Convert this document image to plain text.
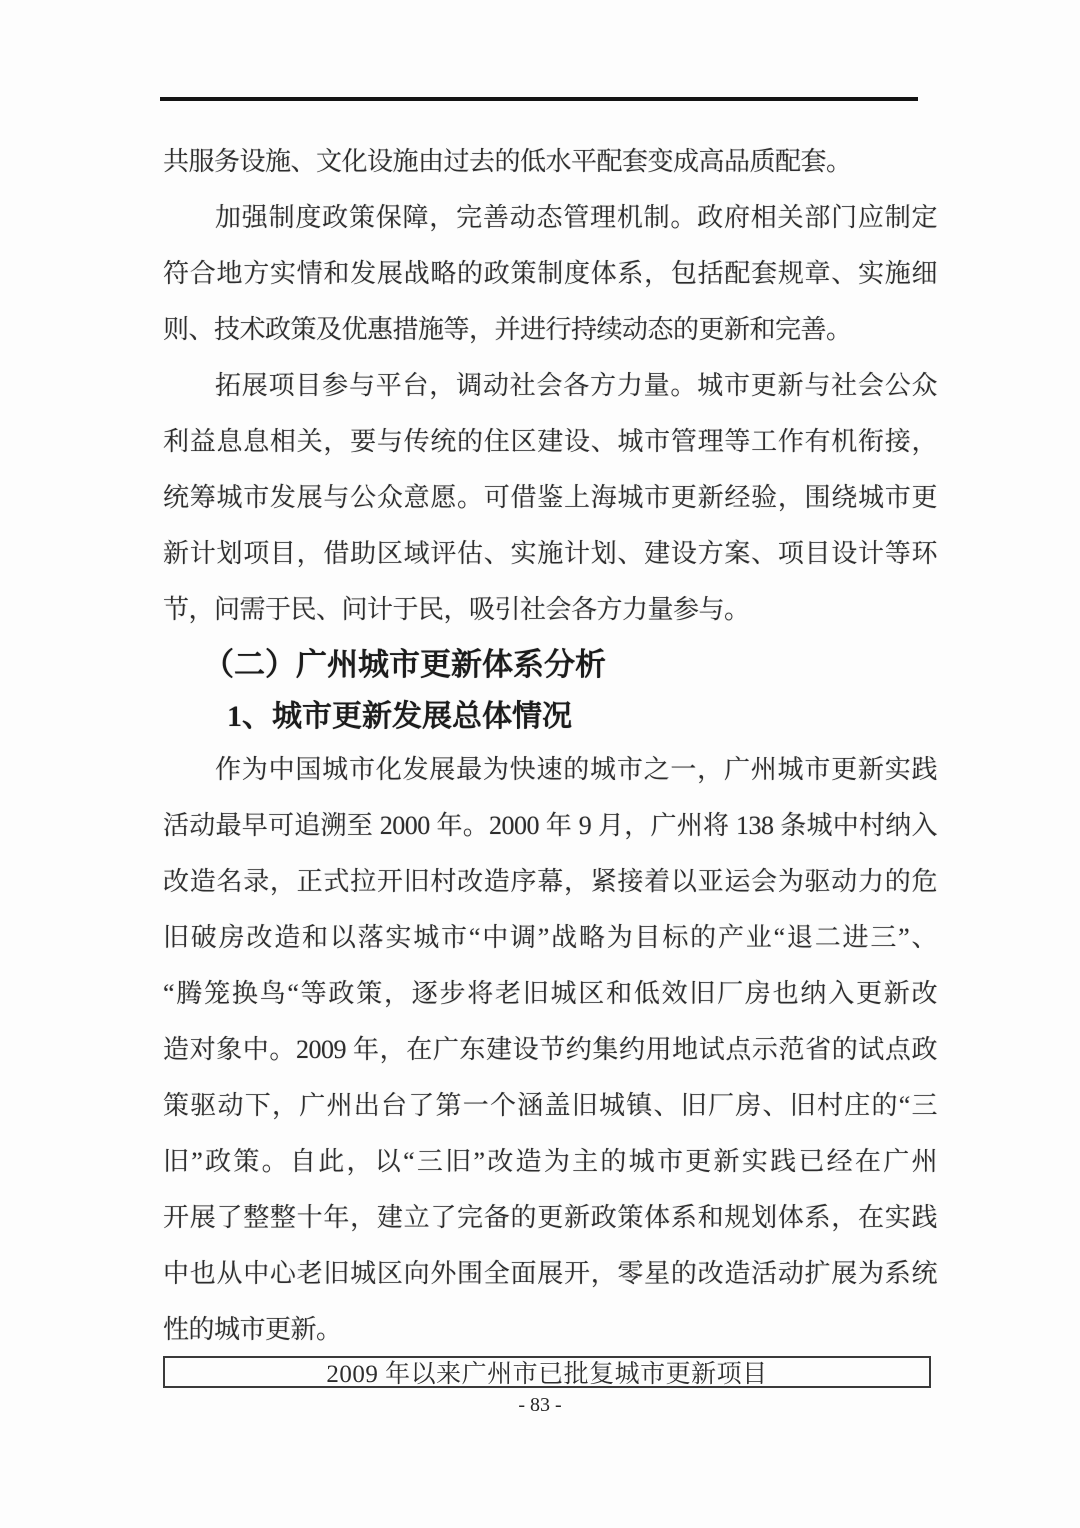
共服务设施、文化设施由过去的低水平配套变成高品质配套。
加强制度政策保障，完善动态管理机制。政府相关部门应制定
符合地方实情和发展战略的政策制度体系，包括配套规章、实施细
则、技术政策及优惠措施等，并进行持续动态的更新和完善。
拓展项目参与平台，调动社会各方力量。城市更新与社会公众
利益息息相关，要与传统的住区建设、城市管理等工作有机衔接，
统筹城市发展与公众意愿。可借鉴上海城市更新经验，围绕城市更
新计划项目，借助区域评估、实施计划、建设方案、项目设计等环
节，问需于民、问计于民，吸引社会各方力量参与。
（二）广州城市更新体系分析
1、城市更新发展总体情况
作为中国城市化发展最为快速的城市之一，广州城市更新实践
活动最早可追溯至 2000 年。2000 年 9 月，广州将 138 条城中村纳入
改造名录，正式拉开旧村改造序幕，紧接着以亚运会为驱动力的危
旧破房改造和以落实城市“中调”战略为目标的产业“退二进三”、
“腾笼换鸟“等政策，逐步将老旧城区和低效旧厂房也纳入更新改
造对象中。2009 年，在广东建设节约集约用地试点示范省的试点政
策驱动下，广州出台了第一个涵盖旧城镇、旧厂房、旧村庄的“三
旧”政策。自此，以“三旧”改造为主的城市更新实践已经在广州
开展了整整十年，建立了完备的更新政策体系和规划体系，在实践
中也从中心老旧城区向外围全面展开，零星的改造活动扩展为系统
性的城市更新。
2009 年以来广州市已批复城市更新项目
- 83 -
